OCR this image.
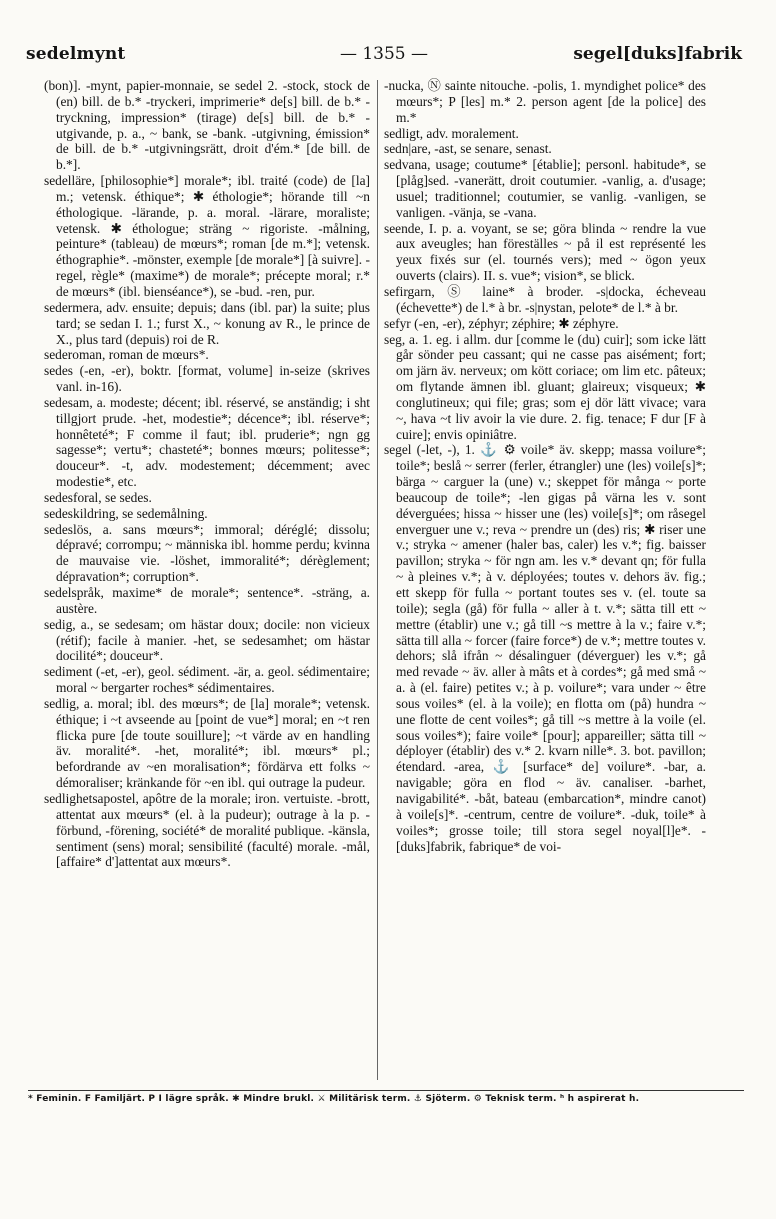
sedelmynt	— 1355 —	segel[duks]fabrik

(bon)]. -mynt, papier-monnaie, se sedel 2. -stock, stock de (en) bill. de b.* -tryckeri, imprimerie* de[s] bill. de b.* -tryckning, impression* (tirage) de[s] bill. de b.* -utgivande, p. a., ~ bank, se -bank. -utgivning, émission* de bill. de b.* -utgivningsrätt, droit d'ém.* [de bill. de b.*].

sedelläre, [philosophie*] morale*; ibl. traité (code) de [la] m.; vetensk. éthique*; ✱ éthologie*; hörande till ~n éthologique. -lärande, p. a. moral. -lärare, moraliste; vetensk. ✱ éthologue; sträng ~ rigoriste. -målning, peinture* (tableau) de mœurs*; roman [de m.*]; vetensk. éthographie*. -mönster, exemple [de morale*] [à suivre]. -regel, règle* (maxime*) de morale*; précepte moral; r.* de mœurs* (ibl. bienséance*), se -bud. -ren, pur.

sedermera, adv. ensuite; depuis; dans (ibl. par) la suite; plus tard; se sedan I. 1.; furst X., ~ konung av R., le prince de X., plus tard (depuis) roi de R.

sederoman, roman de mœurs*.

sedes (-en, -er), boktr. [format, volume] in-seize (skrives vanl. in-16).

sedesam, a. modeste; décent; ibl. réservé, se anständig; i sht tillgjort prude. -het, modestie*; décence*; ibl. réserve*; honnêteté*; F comme il faut; ibl. pruderie*; ngn gg sagesse*; vertu*; chasteté*; bonnes mœurs; politesse*; douceur*. -t, adv. modestement; décemment; avec modestie*, etc.

sedesforal, se sedes.

sedeskildring, se sedemålning.

sedeslös, a. sans mœurs*; immoral; déréglé; dissolu; dépravé; corrompu; ~ människa ibl. homme perdu; kvinna de mauvaise vie. -löshet, immoralité*; dérèglement; dépravation*; corruption*.

sedelspråk, maxime* de morale*; sentence*. -sträng, a. austère.

sedig, a., se sedesam; om hästar doux; docile: non vicieux (rétif); facile à manier. -het, se sedesamhet; om hästar docilité*; douceur*.

sediment (-et, -er), geol. sédiment. -är, a. geol. sédimentaire; moral ~ bergarter roches* sédimentaires.

sedlig, a. moral; ibl. des mœurs*; de [la] morale*; vetensk. éthique; i ~t avseende au [point de vue*] moral; en ~t ren flicka pure [de toute souillure]; ~t värde av en handling äv. moralité*. -het, moralité*; ibl. mœurs* pl.; befordrande av ~en moralisation*; fördärva ett folks ~ démoraliser; kränkande för ~en ibl. qui outrage la pudeur.

sedlighetsapostel, apôtre de la morale; iron. vertuiste. -brott, attentat aux mœurs* (el. à la pudeur); outrage à la p. -förbund, -förening, société* de moralité publique. -känsla, sentiment (sens) moral; sensibilité (faculté) morale. -mål, [affaire* d']attentat aux mœurs*.

-nucka, Ⓝ sainte nitouche. -polis, 1. myndighet police* des mœurs*; P [les] m.* 2. person agent [de la police] des m.*

sedligt, adv. moralement.

sedn|are, -ast, se senare, senast.

sedvana, usage; coutume* [établie]; personl. habitude*, se [plåg]sed. -vanerätt, droit coutumier. -vanlig, a. d'usage; usuel; traditionnel; coutumier, se vanlig. -vanligen, se vanligen. -vänja, se -vana.

seende, I. p. a. voyant, se se; göra blinda ~ rendre la vue aux aveugles; han föreställes ~ på il est représenté les yeux fixés sur (el. tournés vers); med ~ ögon yeux ouverts (clairs). II. s. vue*; vision*, se blick.

sefirgarn, Ⓢ laine* à broder. -s|docka, écheveau (échevette*) de l.* à br. -s|nystan, pelote* de l.* à br.

sefyr (-en, -er), zéphyr; zéphire; ✱ zéphyre.

seg, a. 1. eg. i allm. dur [comme le (du) cuir]; som icke lätt går sönder peu cassant; qui ne casse pas aisément; fort; om järn äv. nerveux; om kött coriace; om lim etc. pâteux; om flytande ämnen ibl. gluant; glaireux; visqueux; ✱ conglutineux; qui file; gras; som ej dör lätt vivace; vara ~, hava ~t liv avoir la vie dure. 2. fig. tenace; F dur [F à cuire]; envis opiniâtre.

segel (-let, -), 1. ⚓ ⚙ voile* äv. skepp; massa voilure*; toile*; beslå ~ serrer (ferler, étrangler) une (les) voile[s]*; bärga ~ carguer la (une) v.; skeppet för många ~ porte beaucoup de toile*; -len gigas på värna les v. sont déverguées; hissa ~ hisser une (les) voile[s]*; om råsegel enverguer une v.; reva ~ prendre un (des) ris; ✱ riser une v.; stryka ~ amener (haler bas, caler) les v.*; fig. baisser pavillon; stryka ~ för ngn am. les v.* devant qn; för fulla ~ à pleines v.*; à v. déployées; toutes v. dehors äv. fig.; ett skepp för fulla ~ portant toutes ses v. (el. toute sa toile); segla (gå) för fulla ~ aller à t. v.*; sätta till ett ~ mettre (établir) une v.; gå till ~s mettre à la v.; faire v.*; sätta till alla ~ forcer (faire force*) de v.*; mettre toutes v. dehors; slå ifrån ~ désalinguer (déverguer) les v.*; gå med revade ~ äv. aller à mâts et à cordes*; gå med små ~ a. à (el. faire) petites v.; à p. voilure*; vara under ~ être sous voiles* (el. à la voile); en flotta om (på) hundra ~ une flotte de cent voiles*; gå till ~s mettre à la voile (el. sous voiles*); faire voile* [pour]; appareiller; sätta till ~ déployer (établir) des v.* 2. kvarn nille*. 3. bot. pavillon; étendard. -area, ⚓ [surface* de] voilure*. -bar, a. navigable; göra en flod ~ äv. canaliser. -barhet, navigabilité*. -båt, bateau (embarcation*, mindre canot) à voile[s]*. -centrum, centre de voilure*. -duk, toile* à voiles*; grosse toile; till stora segel noyal[l]e*. -[duks]fabrik, fabrique* de voi-

* Feminin. F Familjärt. P I lägre språk. ✱ Mindre brukl. ⚔ Militärisk term. ⚓ Sjöterm. ⚙ Teknisk term. ʰ h aspirerat h.
